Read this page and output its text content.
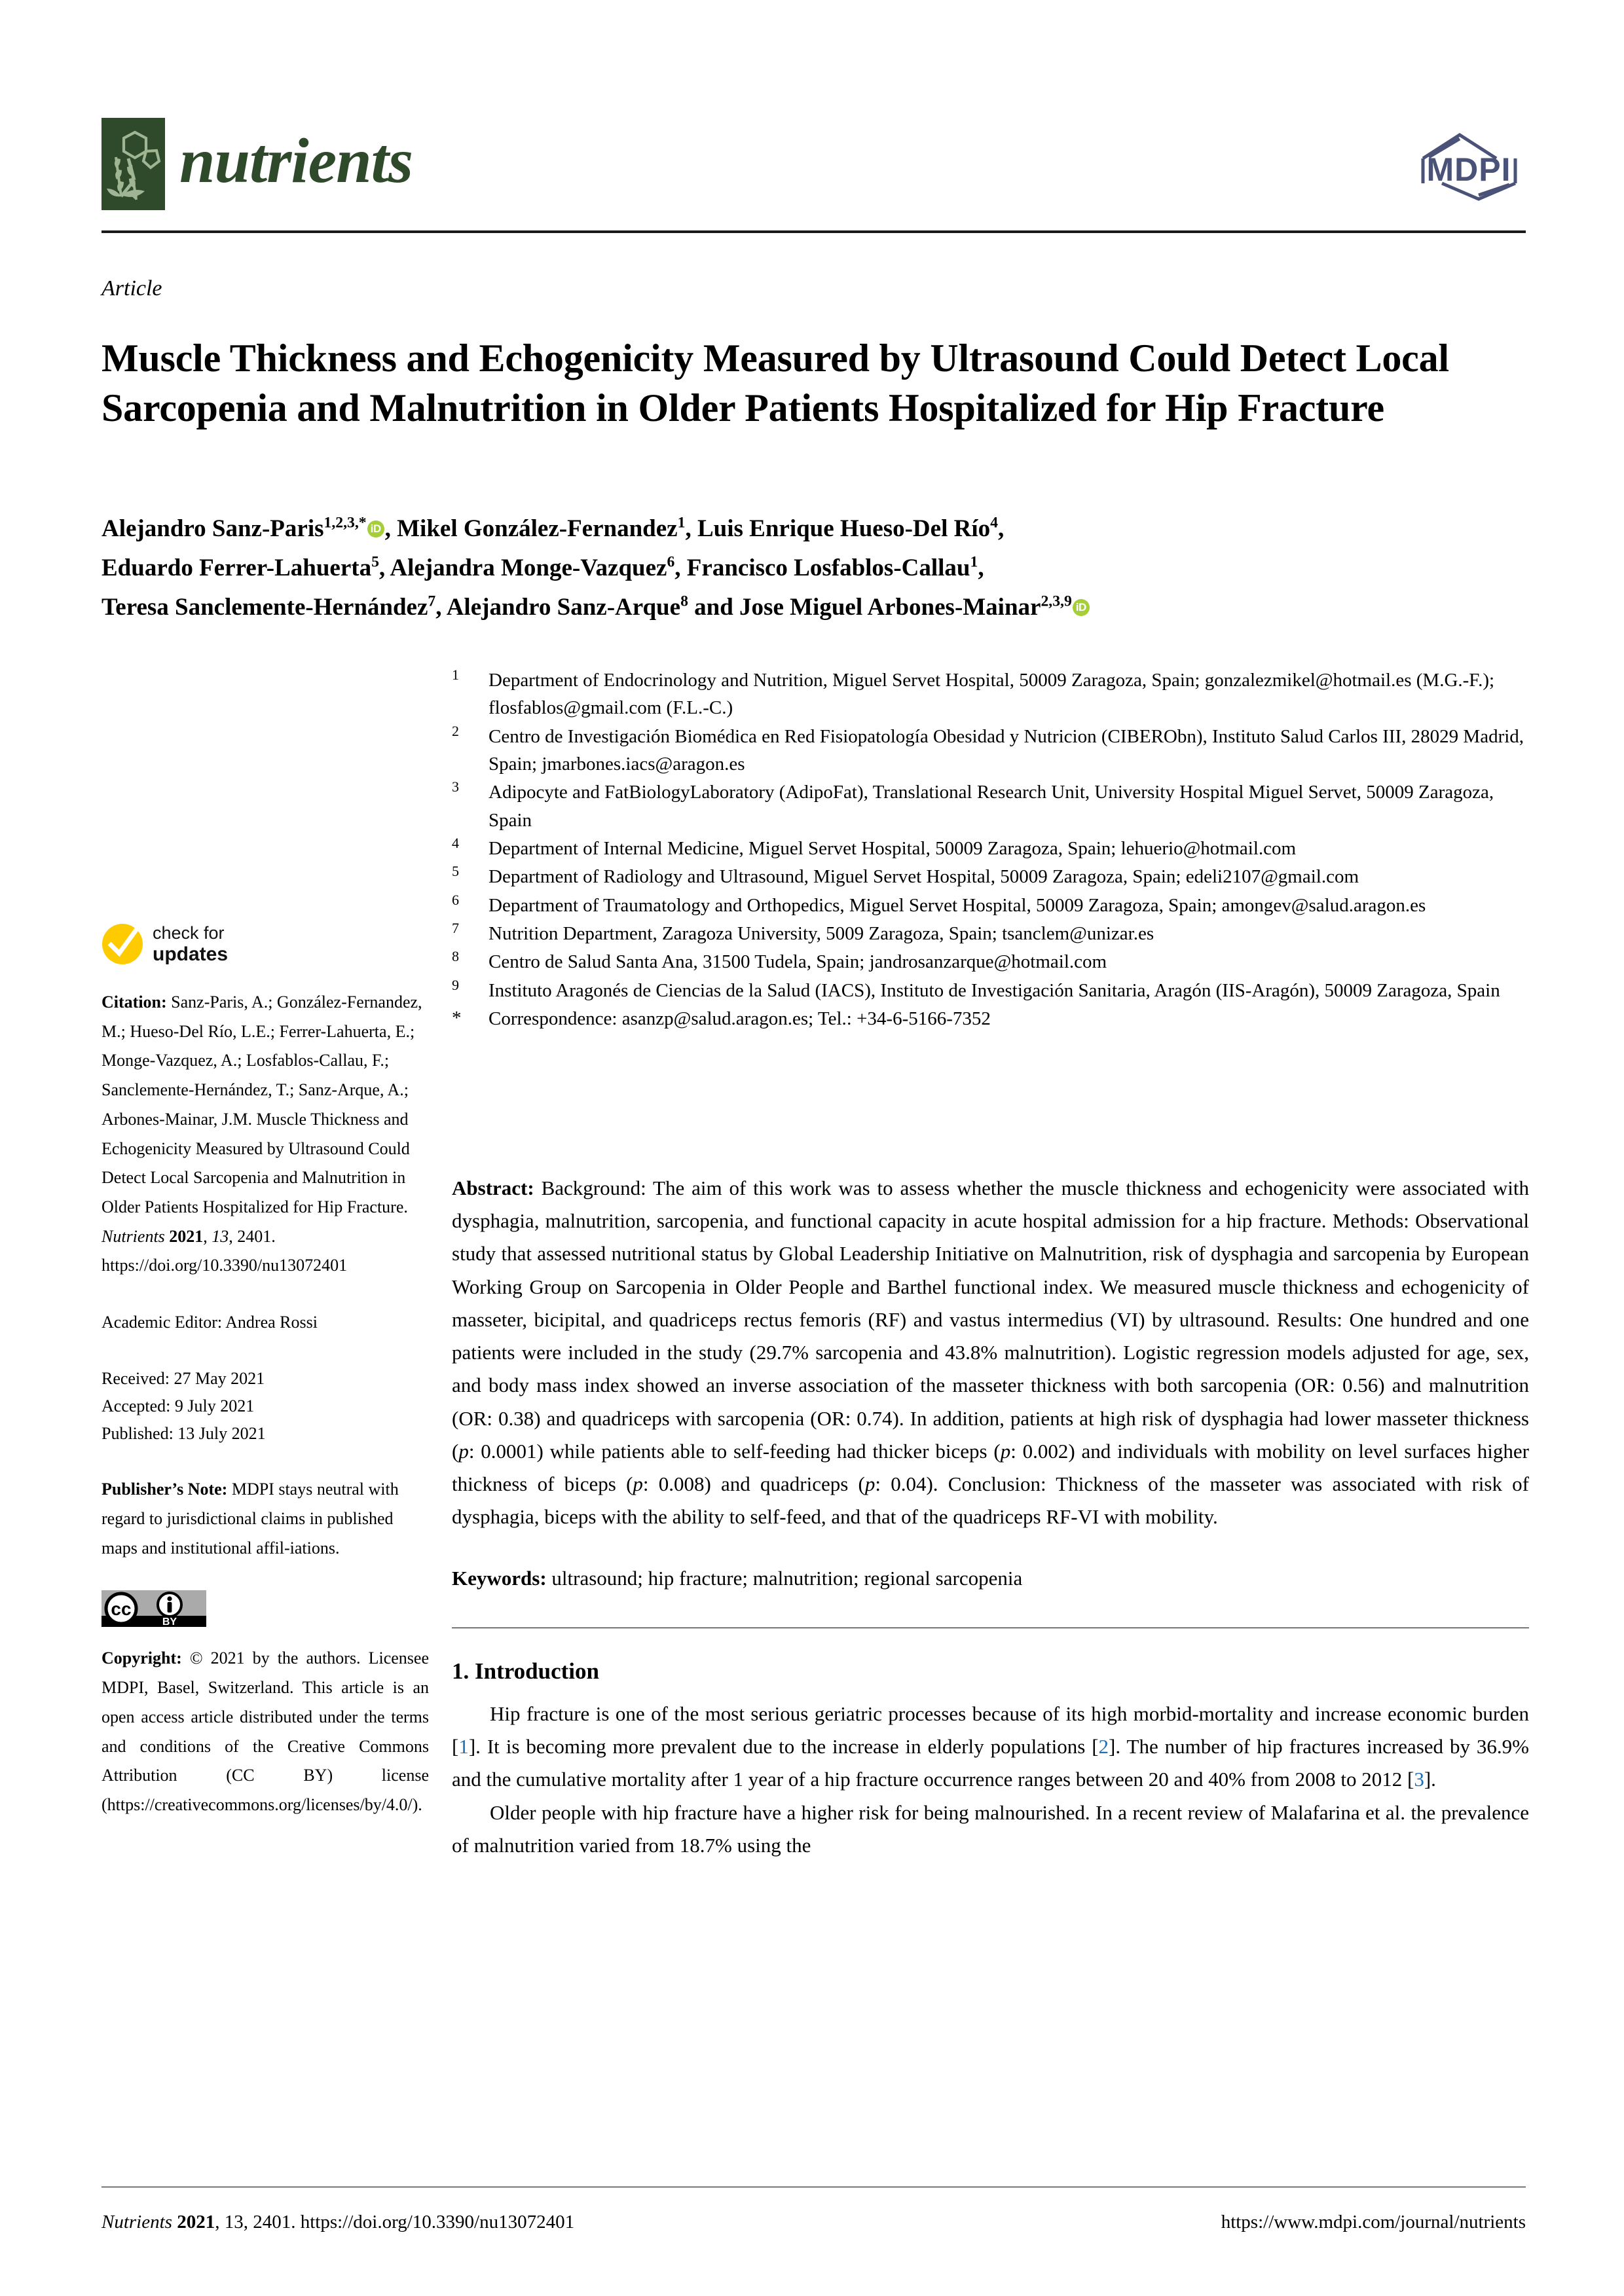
nutrients	MDPI
Article
Muscle Thickness and Echogenicity Measured by Ultrasound Could Detect Local Sarcopenia and Malnutrition in Older Patients Hospitalized for Hip Fracture
Alejandro Sanz-Paris$^{1,2,3,*}$ iD , Mikel González-Fernandez$^1$, Luis Enrique Hueso-Del Río$^4$,
Eduardo Ferrer-Lahuerta$^5$, Alejandra Monge-Vazquez$^6$, Francisco Losfablos-Callau$^1$,
Teresa Sanclemente-Hernández$^7$, Alejandro Sanz-Arque$^8$ and Jose Miguel Arbones-Mainar$^{2,3,9}$ iD
1	Department of Endocrinology and Nutrition, Miguel Servet Hospital, 50009 Zaragoza, Spain; gonzalezmikel@hotmail.es (M.G.-F.); flosfablos@gmail.com (F.L.-C.)
2	Centro de Investigación Biomédica en Red Fisiopatología Obesidad y Nutricion (CIBERObn), Instituto Salud Carlos III, 28029 Madrid, Spain; jmarbones.iacs@aragon.es
3	Adipocyte and FatBiologyLaboratory (AdipoFat), Translational Research Unit, University Hospital Miguel Servet, 50009 Zaragoza, Spain
4	Department of Internal Medicine, Miguel Servet Hospital, 50009 Zaragoza, Spain; lehuerio@hotmail.com
5	Department of Radiology and Ultrasound, Miguel Servet Hospital, 50009 Zaragoza, Spain; edeli2107@gmail.com
6	Department of Traumatology and Orthopedics, Miguel Servet Hospital, 50009 Zaragoza, Spain; amongev@salud.aragon.es
7	Nutrition Department, Zaragoza University, 5009 Zaragoza, Spain; tsanclem@unizar.es
8	Centro de Salud Santa Ana, 31500 Tudela, Spain; jandrosanzarque@hotmail.com
9	Instituto Aragonés de Ciencias de la Salud (IACS), Instituto de Investigación Sanitaria, Aragón (IIS-Aragón), 50009 Zaragoza, Spain
*	Correspondence: asanzp@salud.aragon.es; Tel.: +34-6-5166-7352
check for
updates
Citation: Sanz-Paris, A.; González-Fernandez, M.; Hueso-Del Río, L.E.; Ferrer-Lahuerta, E.; Monge-Vazquez, A.; Losfablos-Callau, F.; Sanclemente-Hernández, T.; Sanz-Arque, A.; Arbones-Mainar, J.M. Muscle Thickness and Echogenicity Measured by Ultrasound Could Detect Local Sarcopenia and Malnutrition in Older Patients Hospitalized for Hip Fracture. Nutrients 2021, 13, 2401. https://doi.org/10.3390/nu13072401
Academic Editor: Andrea Rossi
Received: 27 May 2021
Accepted: 9 July 2021
Published: 13 July 2021
Publisher’s Note: MDPI stays neutral with regard to jurisdictional claims in published maps and institutional affil-iations.
cc
BY
Copyright: © 2021 by the authors. Licensee MDPI, Basel, Switzerland. This article is an open access article distributed under the terms and conditions of the Creative Commons Attribution (CC BY) license (https://creativecommons.org/licenses/by/4.0/).
Abstract: Background: The aim of this work was to assess whether the muscle thickness and echogenicity were associated with dysphagia, malnutrition, sarcopenia, and functional capacity in acute hospital admission for a hip fracture. Methods: Observational study that assessed nutritional status by Global Leadership Initiative on Malnutrition, risk of dysphagia and sarcopenia by European Working Group on Sarcopenia in Older People and Barthel functional index. We measured muscle thickness and echogenicity of masseter, bicipital, and quadriceps rectus femoris (RF) and vastus intermedius (VI) by ultrasound. Results: One hundred and one patients were included in the study (29.7% sarcopenia and 43.8% malnutrition). Logistic regression models adjusted for age, sex, and body mass index showed an inverse association of the masseter thickness with both sarcopenia (OR: 0.56) and malnutrition (OR: 0.38) and quadriceps with sarcopenia (OR: 0.74). In addition, patients at high risk of dysphagia had lower masseter thickness (p: 0.0001) while patients able to self-feeding had thicker biceps (p: 0.002) and individuals with mobility on level surfaces higher thickness of biceps (p: 0.008) and quadriceps (p: 0.04). Conclusion: Thickness of the masseter was associated with risk of dysphagia, biceps with the ability to self-feed, and that of the quadriceps RF-VI with mobility.
Keywords: ultrasound; hip fracture; malnutrition; regional sarcopenia
1. Introduction
Hip fracture is one of the most serious geriatric processes because of its high morbid-mortality and increase economic burden [1]. It is becoming more prevalent due to the increase in elderly populations [2]. The number of hip fractures increased by 36.9% and the cumulative mortality after 1 year of a hip fracture occurrence ranges between 20 and 40% from 2008 to 2012 [3].
Older people with hip fracture have a higher risk for being malnourished. In a recent review of Malafarina et al. the prevalence of malnutrition varied from 18.7% using the
Nutrients 2021, 13, 2401. https://doi.org/10.3390/nu13072401	https://www.mdpi.com/journal/nutrients
